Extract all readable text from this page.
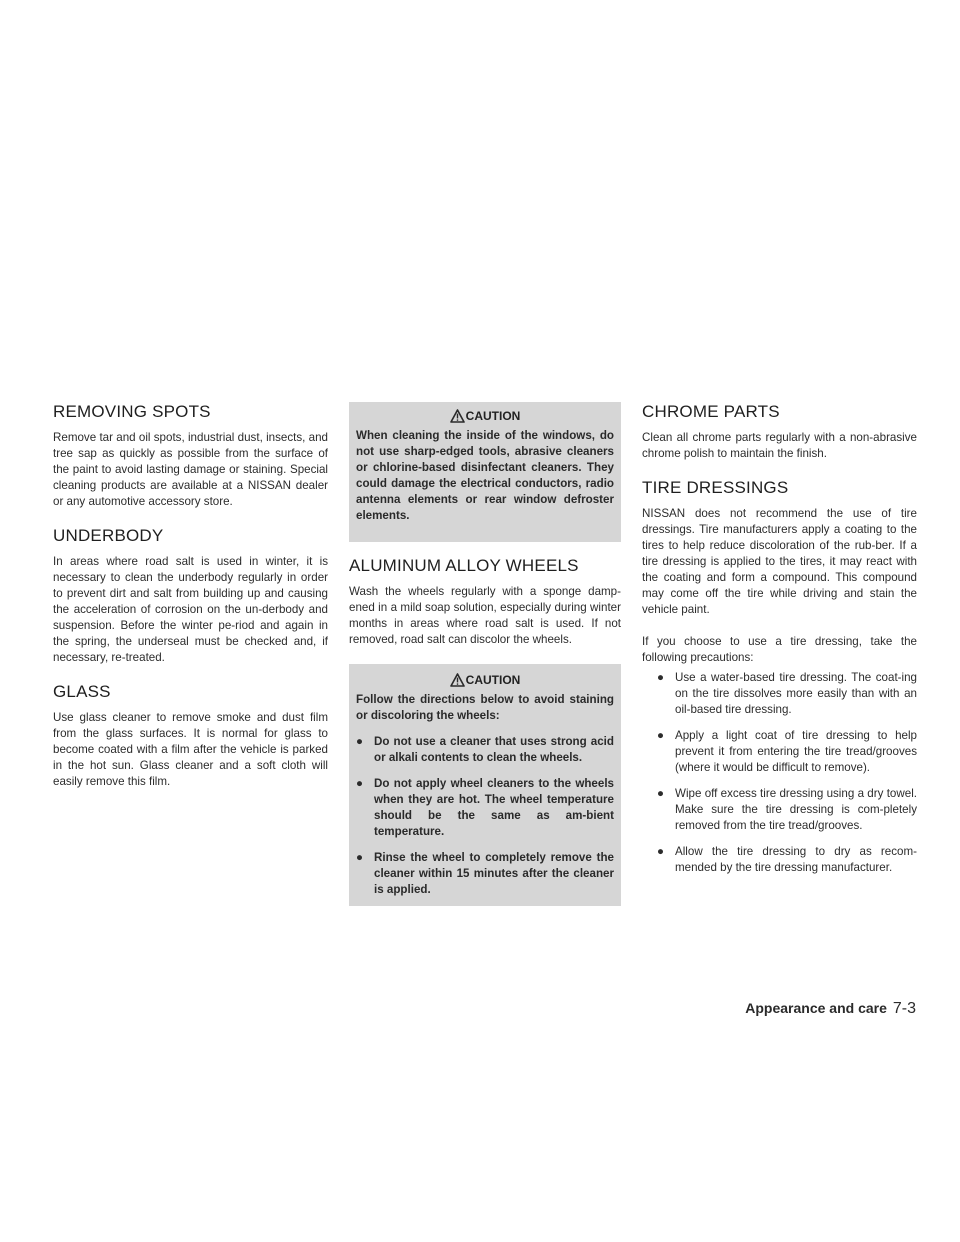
REMOVING SPOTS

Remove tar and oil spots, industrial dust, insects, and tree sap as quickly as possible from the surface of the paint to avoid lasting damage or staining. Special cleaning products are available at a NISSAN dealer or any automotive accessory store.

UNDERBODY

In areas where road salt is used in winter, it is necessary to clean the underbody regularly in order to prevent dirt and salt from building up and causing the acceleration of corrosion on the un-derbody and suspension. Before the winter pe-riod and again in the spring, the underseal must be checked and, if necessary, re-treated.

GLASS

Use glass cleaner to remove smoke and dust film from the glass surfaces. It is normal for glass to become coated with a film after the vehicle is parked in the hot sun. Glass cleaner and a soft cloth will easily remove this film.

CAUTION

When cleaning the inside of the windows, do not use sharp-edged tools, abrasive cleaners or chlorine-based disinfectant cleaners. They could damage the electrical conductors, radio antenna elements or rear window defroster elements.

ALUMINUM ALLOY WHEELS

Wash the wheels regularly with a sponge damp-ened in a mild soap solution, especially during winter months in areas where road salt is used. If not removed, road salt can discolor the wheels.

CAUTION

Follow the directions below to avoid staining or discoloring the wheels:

● Do not use a cleaner that uses strong acid or alkali contents to clean the wheels.
● Do not apply wheel cleaners to the wheels when they are hot. The wheel temperature should be the same as am-bient temperature.
● Rinse the wheel to completely remove the cleaner within 15 minutes after the cleaner is applied.
CHROME PARTS

Clean all chrome parts regularly with a non-abrasive chrome polish to maintain the finish.

TIRE DRESSINGS

NISSAN does not recommend the use of tire dressings. Tire manufacturers apply a coating to the tires to help reduce discoloration of the rub-ber. If a tire dressing is applied to the tires, it may react with the coating and form a compound. This compound may come off the tire while driving and stain the vehicle paint.

If you choose to use a tire dressing, take the following precautions:

● Use a water-based tire dressing. The coat-ing on the tire dissolves more easily than with an oil-based tire dressing.
● Apply a light coat of tire dressing to help prevent it from entering the tire tread/grooves (where it would be difficult to remove).
● Wipe off excess tire dressing using a dry towel. Make sure the tire dressing is com-pletely removed from the tire tread/grooves.
● Allow the tire dressing to dry as recom-mended by the tire dressing manufacturer.
Appearance and care 7-3
